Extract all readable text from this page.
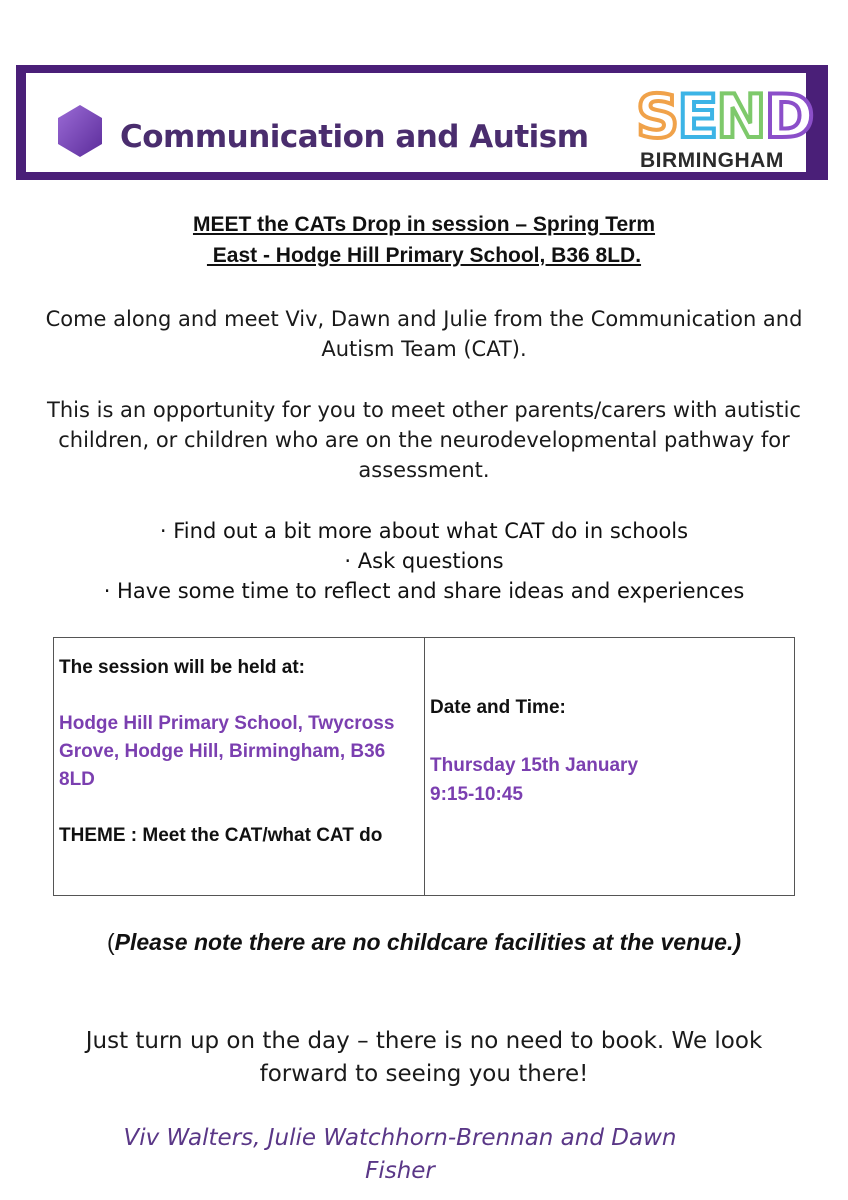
Communication and Autism SEND
BIRMINGHAM
MEET the CATs Drop in session – Spring Term
East - Hodge Hill Primary School, B36 8LD.
Come along and meet Viv, Dawn and Julie from the Communication and Autism Team (CAT).
This is an opportunity for you to meet other parents/carers with autistic children, or children who are on the neurodevelopmental pathway for assessment.
· Find out a bit more about what CAT do in schools
· Ask questions
· Have some time to reflect and share ideas and experiences
The session will be held at:
Hodge Hill Primary School, Twycross Grove, Hodge Hill, Birmingham, B36 8LD
THEME : Meet the CAT/what CAT do
Date and Time:
Thursday 15th January
9:15-10:45
(Please note there are no childcare facilities at the venue.)
Just turn up on the day – there is no need to book. We look forward to seeing you there!
Viv Walters, Julie Watchhorn-Brennan and Dawn Fisher
